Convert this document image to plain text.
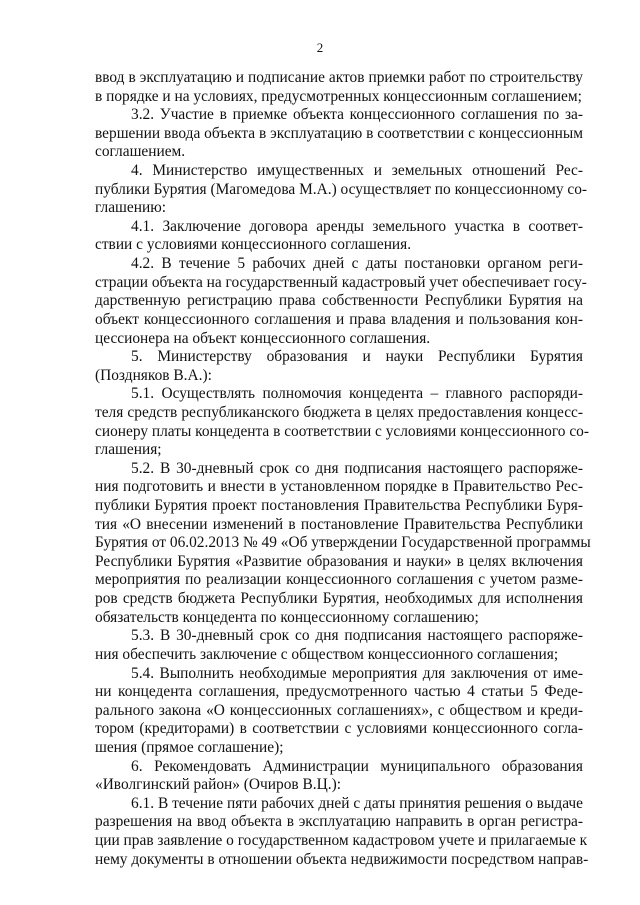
2
ввод в эксплуатацию и подписание актов приемки работ по строительству
в порядке и на условиях, предусмотренных концессионным соглашением;
3.2. Участие в приемке объекта концессионного соглашения по за-
вершении ввода объекта в эксплуатацию в соответствии с концессионным
соглашением.
4. Министерство имущественных и земельных отношений Рес-
публики Бурятия (Магомедова М.А.) осуществляет по концессионному со-
глашению:
4.1. Заключение договора аренды земельного участка в соответ-
ствии с условиями концессионного соглашения.
4.2. В течение 5 рабочих дней с даты постановки органом реги-
страции объекта на государственный кадастровый учет обеспечивает госу-
дарственную регистрацию права собственности Республики Бурятия на
объект концессионного соглашения и права владения и пользования кон-
цессионера на объект концессионного соглашения.
5. Министерству образования и науки Республики Бурятия
(Поздняков В.А.):
5.1. Осуществлять полномочия концедента – главного распоряди-
теля средств республиканского бюджета в целях предоставления концесс-
сионеру платы концедента в соответствии с условиями концессионного со-
глашения;
5.2. В 30-дневный срок со дня подписания настоящего распоряже-
ния подготовить и внести в установленном порядке в Правительство Рес-
публики Бурятия проект постановления Правительства Республики Буря-
тия «О внесении изменений в постановление Правительства Республики
Бурятия от 06.02.2013 № 49 «Об утверждении Государственной программы
Республики Бурятия «Развитие образования и науки» в целях включения
мероприятия по реализации концессионного соглашения с учетом разме-
ров средств бюджета Республики Бурятия, необходимых для исполнения
обязательств концедента по концессионному соглашению;
5.3. В 30-дневный срок со дня подписания настоящего распоряже-
ния обеспечить заключение с обществом концессионного соглашения;
5.4. Выполнить необходимые мероприятия для заключения от име-
ни концедента соглашения, предусмотренного частью 4 статьи 5 Феде-
рального закона «О концессионных соглашениях», с обществом и креди-
тором (кредиторами) в соответствии с условиями концессионного согла-
шения (прямое соглашение);
6. Рекомендовать Администрации муниципального образования
«Иволгинский район» (Очиров В.Ц.):
6.1. В течение пяти рабочих дней с даты принятия решения о выдаче
разрешения на ввод объекта в эксплуатацию направить в орган регистра-
ции прав заявление о государственном кадастровом учете и прилагаемые к
нему документы в отношении объекта недвижимости посредством направ-
